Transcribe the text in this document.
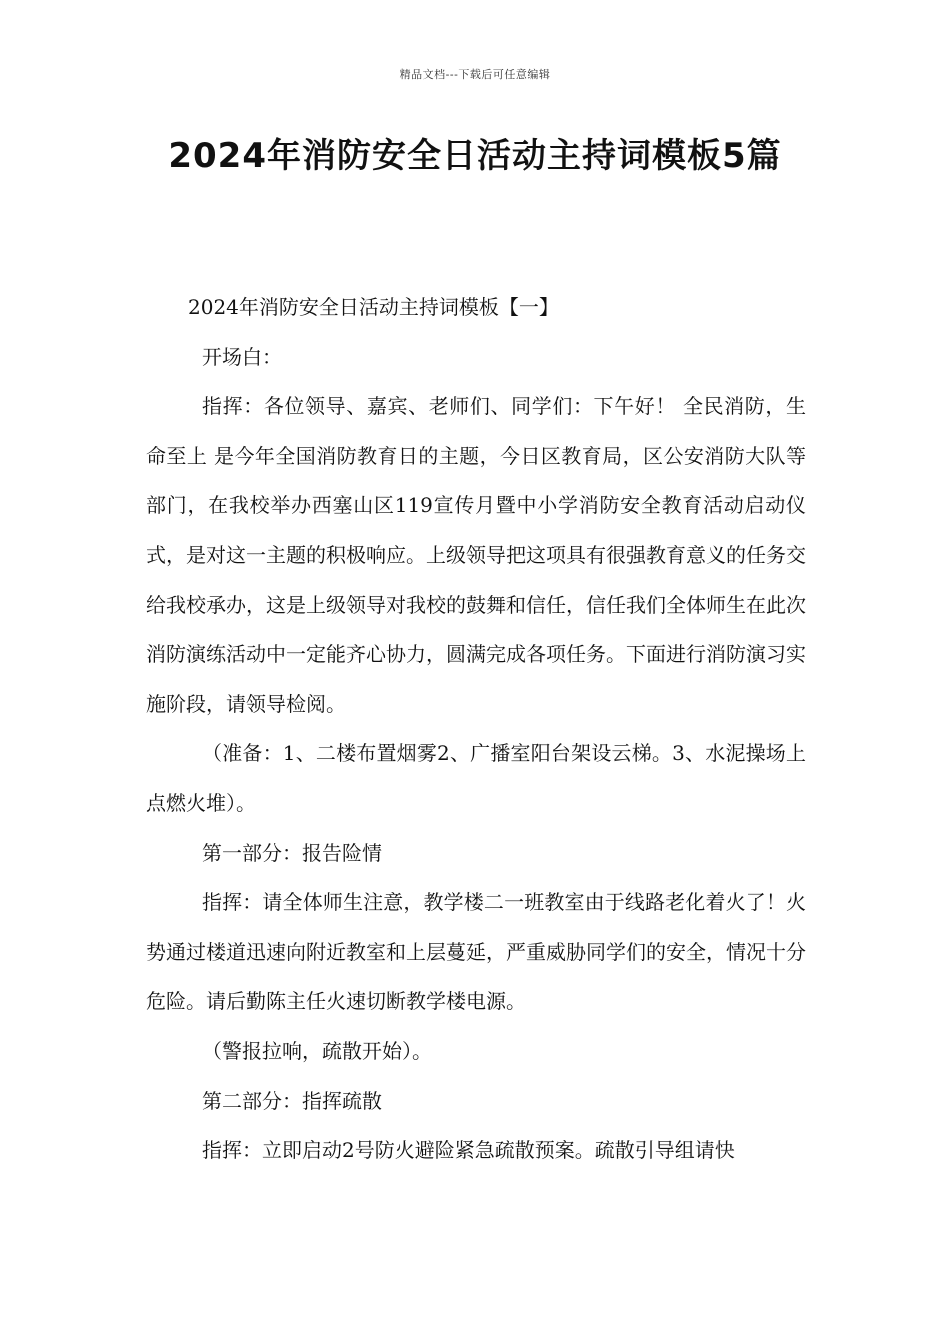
精品文档---下载后可任意编辑
2024年消防安全日活动主持词模板5篇

2024年消防安全日活动主持词模板【一】

开场白：

指挥：各位领导、嘉宾、老师们、同学们：下午好！ 全民消防，生命至上 是今年全国消防教育日的主题，今日区教育局，区公安消防大队等部门，在我校举办西塞山区119宣传月暨中小学消防安全教育活动启动仪式，是对这一主题的积极响应。上级领导把这项具有很强教育意义的任务交给我校承办，这是上级领导对我校的鼓舞和信任，信任我们全体师生在此次消防演练活动中一定能齐心协力，圆满完成各项任务。下面进行消防演习实施阶段，请领导检阅。

（准备：1、二楼布置烟雾2、广播室阳台架设云梯。3、水泥操场上点燃火堆）。

第一部分：报告险情

指挥：请全体师生注意，教学楼二一班教室由于线路老化着火了！火势通过楼道迅速向附近教室和上层蔓延，严重威胁同学们的安全，情况十分危险。请后勤陈主任火速切断教学楼电源。

（警报拉响，疏散开始）。

第二部分：指挥疏散

指挥：立即启动2号防火避险紧急疏散预案。疏散引导组请快
